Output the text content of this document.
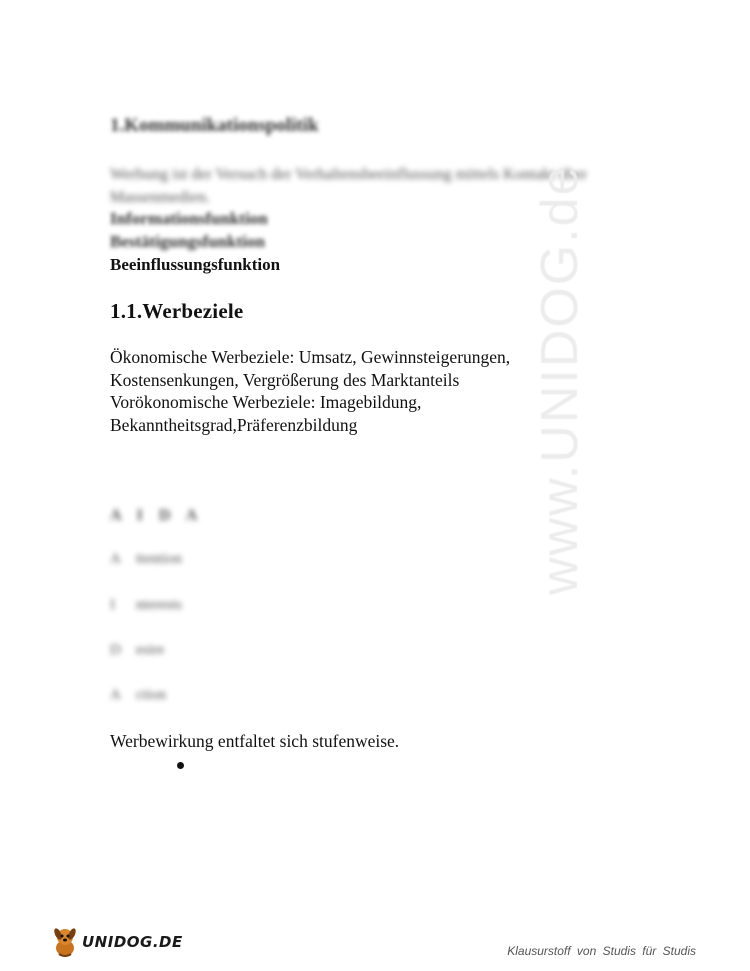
1.Kommunikationspolitik
Werbung ist der Versuch der Verhaltensbeeinflussung mittels Kontakt über Massenmedien.
Informationsfunktion
Bestätigungsfunktion
Beeinflussungsfunktion
1.1.Werbeziele
Ökonomische Werbeziele: Umsatz, Gewinnsteigerungen,
Kostensenkungen, Vergrößerung des Marktanteils
Vorökonomische Werbeziele: Imagebildung,
Bekanntheitsgrad,Präferenzbildung
A I D A
A ttention
I nterests
D esire
A ction
Werbewirkung entfaltet sich stufenweise.
www.UNIDOG.de
UNIDOG.DE	Klausurstoff von Studis für Studis
